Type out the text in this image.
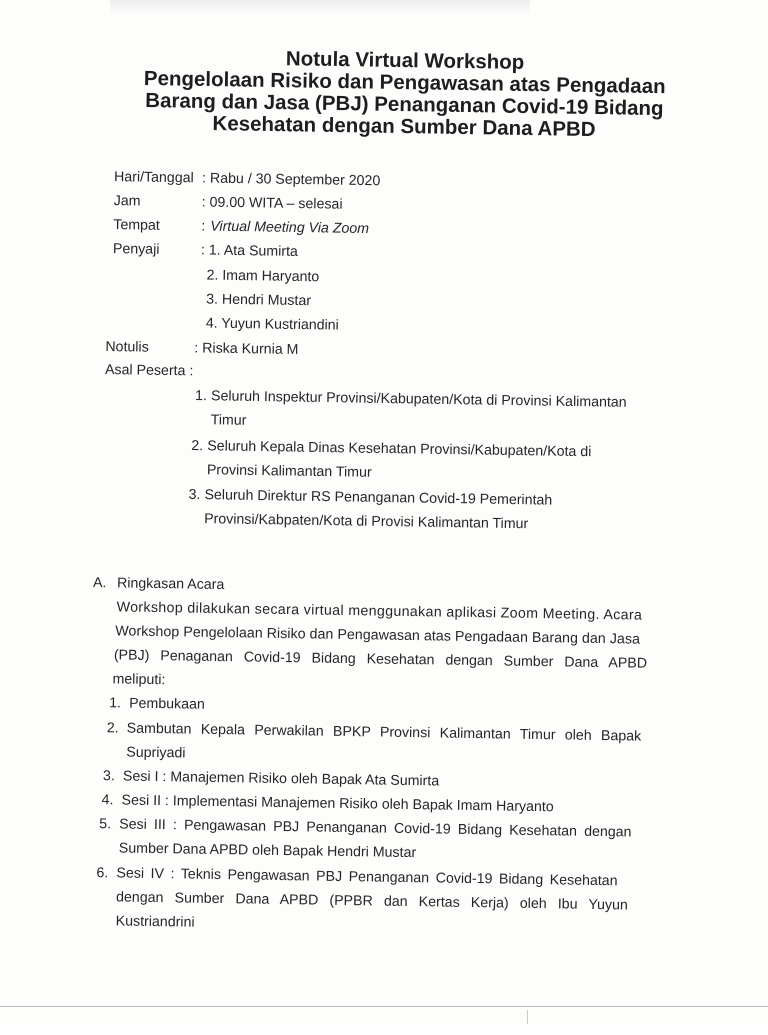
Notula Virtual Workshop
Pengelolaan Risiko dan Pengawasan atas Pengadaan
Barang dan Jasa (PBJ) Penanganan Covid-19 Bidang
Kesehatan dengan Sumber Dana APBD
Hari/Tanggal : Rabu / 30 September 2020
Jam	: 09.00 WITA – selesai
Tempat	: Virtual Meeting Via Zoom
Penyaji	: 1. Ata Sumirta
2. Imam Haryanto
3. Hendri Mustar
4. Yuyun Kustriandini
Notulis	: Riska Kurnia M
Asal Peserta :
1. Seluruh Inspektur Provinsi/Kabupaten/Kota di Provinsi Kalimantan
Timur
2. Seluruh Kepala Dinas Kesehatan Provinsi/Kabupaten/Kota di
Provinsi Kalimantan Timur
3. Seluruh Direktur RS Penanganan Covid-19 Pemerintah
Provinsi/Kabpaten/Kota di Provisi Kalimantan Timur
A. Ringkasan Acara
Workshop dilakukan secara virtual menggunakan aplikasi Zoom Meeting. Acara
Workshop Pengelolaan Risiko dan Pengawasan atas Pengadaan Barang dan Jasa
(PBJ) Penaganan Covid-19 Bidang Kesehatan dengan Sumber Dana APBD
meliputi:
1. Pembukaan
2. Sambutan Kepala Perwakilan BPKP Provinsi Kalimantan Timur oleh Bapak
Supriyadi
3. Sesi I : Manajemen Risiko oleh Bapak Ata Sumirta
4. Sesi II : Implementasi Manajemen Risiko oleh Bapak Imam Haryanto
5. Sesi III : Pengawasan PBJ Penanganan Covid-19 Bidang Kesehatan dengan
Sumber Dana APBD oleh Bapak Hendri Mustar
6. Sesi IV : Teknis Pengawasan PBJ Penanganan Covid-19 Bidang Kesehatan
dengan Sumber Dana APBD (PPBR dan Kertas Kerja) oleh Ibu Yuyun
Kustriandrini
